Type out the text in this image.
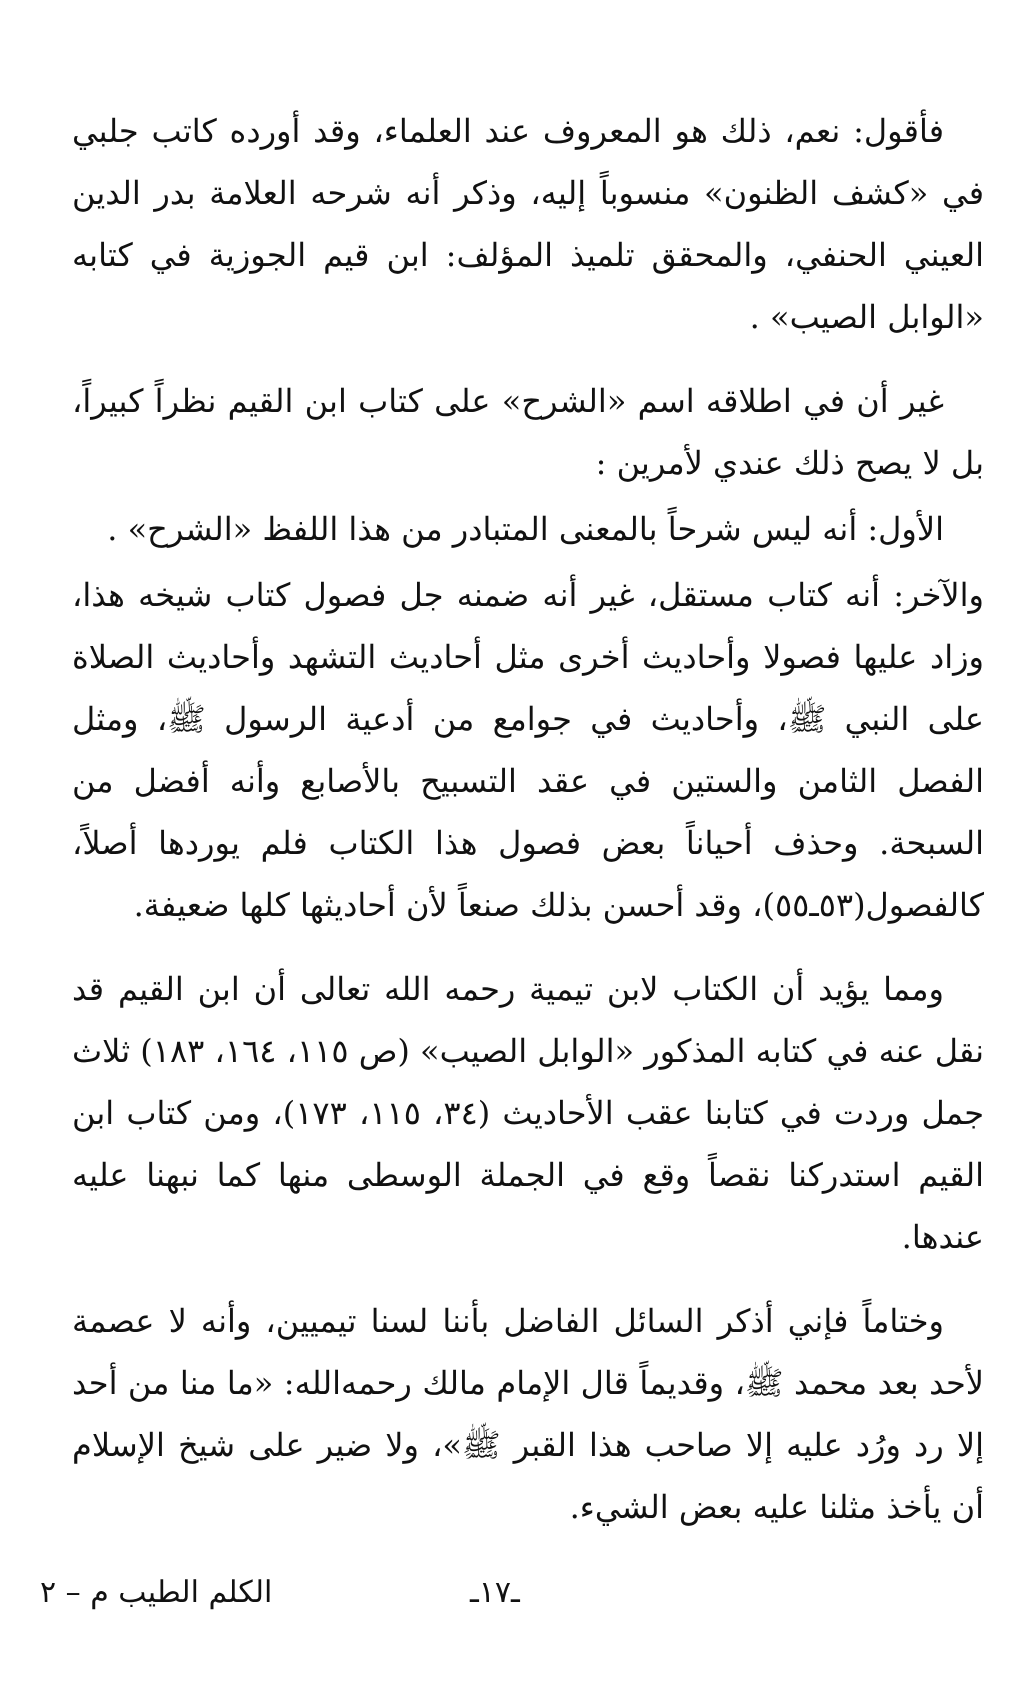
فأقول: نعم، ذلك هو المعروف عند العلماء، وقد أورده كاتب جلبي في «كشف الظنون» منسوباً إليه، وذكر أنه شرحه العلامة بدر الدين العيني الحنفي، والمحقق تلميذ المؤلف: ابن قيم الجوزية في كتابه «الوابل الصيب» .

غير أن في اطلاقه اسم «الشرح» على كتاب ابن القيم نظراً كبيراً، بل لا يصح ذلك عندي لأمرين :

الأول: أنه ليس شرحاً بالمعنى المتبادر من هذا اللفظ «الشرح» .

والآخر: أنه كتاب مستقل، غير أنه ضمنه جل فصول كتاب شيخه هذا، وزاد عليها فصولا وأحاديث أخرى مثل أحاديث التشهد وأحاديث الصلاة على النبي ﷺ، وأحاديث في جوامع من أدعية الرسول ﷺ، ومثل الفصل الثامن والستين في عقد التسبيح بالأصابع وأنه أفضل من السبحة. وحذف أحياناً بعض فصول هذا الكتاب فلم يوردها أصلاً، كالفصول(٥٣ـ٥٥)، وقد أحسن بذلك صنعاً لأن أحاديثها كلها ضعيفة.

ومما يؤيد أن الكتاب لابن تيمية رحمه الله تعالى أن ابن القيم قد نقل عنه في كتابه المذكور «الوابل الصيب» (ص ١١٥، ١٦٤، ١٨٣) ثلاث جمل وردت في كتابنا عقب الأحاديث (٣٤، ١١٥، ١٧٣)، ومن كتاب ابن القيم استدركنا نقصاً وقع في الجملة الوسطى منها كما نبهنا عليه عندها.

وختاماً فإني أذكر السائل الفاضل بأننا لسنا تيميين، وأنه لا عصمة لأحد بعد محمد ﷺ، وقديماً قال الإمام مالك رحمه‌الله: «ما منا من أحد إلا رد ورُد عليه إلا صاحب هذا القبر ﷺ»، ولا ضير على شيخ الإسلام أن يأخذ مثلنا عليه بعض الشيء.

ـ١٧ـ
الكلم الطيب م – ٢
